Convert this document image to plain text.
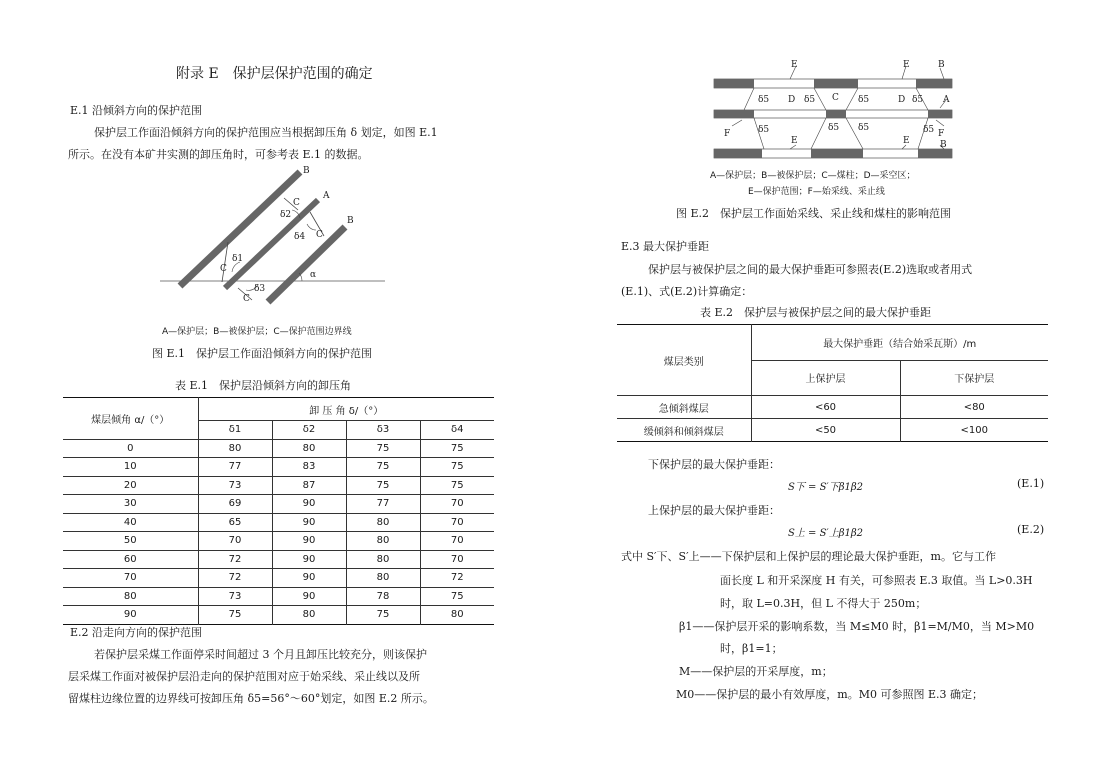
附录 E　保护层保护范围的确定
E.1 沿倾斜方向的保护范围
保护层工作面沿倾斜方向的保护范围应当根据卸压角 δ 划定，如图 E.1
所示。在没有本矿井实测的卸压角时，可参考表 E.1 的数据。
B
A
B
C
C
C
C
δ1
δ2
δ3
δ4
α
A—保护层；B—被保护层；C—保护范围边界线
图 E.1　保护层工作面沿倾斜方向的保护范围
表 E.1　保护层沿倾斜方向的卸压角
煤层倾角 α/（°）	卸 压 角 δ/（°）			
	δ1	δ2	δ3	δ4
0	80	80	75	75
10	77	83	75	75
20	73	87	75	75
30	69	90	77	70
40	65	90	80	70
50	70	90	80	70
60	72	90	80	70
70	72	90	80	72
80	73	90	78	75
90	75	80	75	80
E.2 沿走向方向的保护范围
若保护层采煤工作面停采时间超过 3 个月且卸压比较充分，则该保护
层采煤工作面对被保护层沿走向的保护范围对应于始采线、采止线以及所
留煤柱边缘位置的边界线可按卸压角 δ5=56°～60°划定，如图 E.2 所示。
E	E	B
δ5 D δ5 C δ5	D δ5 A
δ5	δ5 δ5	δ5
F	F
E	E	B
A—保护层；B—被保护层；C—煤柱；D—采空区；
E—保护范围；F—始采线、采止线
图 E.2　保护层工作面始采线、采止线和煤柱的影响范围
E.3 最大保护垂距
保护层与被保护层之间的最大保护垂距可参照表(E.2)选取或者用式
(E.1)、式(E.2)计算确定：
表 E.2　保护层与被保护层之间的最大保护垂距
煤层类别	最大保护垂距（结合始采瓦斯）/m	
	上保护层	下保护层
急倾斜煤层	<60	<80
缓倾斜和倾斜煤层	<50	<100
下保护层的最大保护垂距：
S下 = S′下β1β2	(E.1)
上保护层的最大保护垂距：
S上 = S′上β1β2	(E.2)
式中 S′下、S′上——下保护层和上保护层的理论最大保护垂距，m。它与工作
面长度 L 和开采深度 H 有关，可参照表 E.3 取值。当 L>0.3H
时，取 L=0.3H，但 L 不得大于 250m；
β1——保护层开采的影响系数，当 M≤M0 时，β1=M/M0，当 M>M0
时，β1=1；
M——保护层的开采厚度，m；
M0——保护层的最小有效厚度，m。M0 可参照图 E.3 确定；
